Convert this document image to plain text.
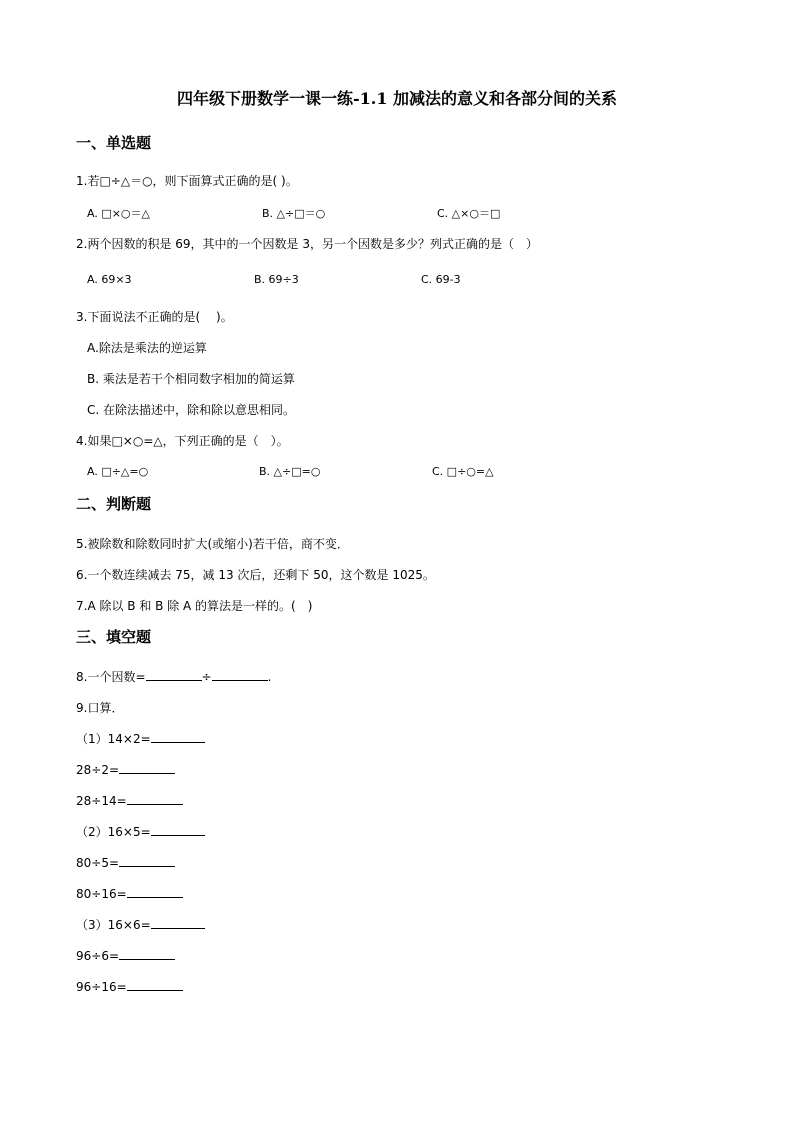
四年级下册数学一课一练-1.1 加减法的意义和各部分间的关系
一、单选题
1.若□÷△＝○，则下面算式正确的是( )。
A. □×○＝△	B. △÷□＝○	C. △×○＝□
2.两个因数的积是 69，其中的一个因数是 3，另一个因数是多少？列式正确的是（　）
A. 69×3	B. 69÷3	C. 69-3
3.下面说法不正确的是(　 )。
A.除法是乘法的逆运算
B. 乘法是若干个相同数字相加的简运算
C. 在除法描述中，除和除以意思相同。
4.如果□×○=△，下列正确的是（　）。
A. □÷△=○	B. △÷□=○	C. □÷○=△
二、判断题
5.被除数和除数同时扩大(或缩小)若干倍，商不变．
6.一个数连续减去 75，减 13 次后，还剩下 50，这个数是 1025。
7.A 除以 B 和 B 除 A 的算法是一样的。(　)
三、填空题
8.一个因数=	÷	.
9.口算．
（1）14×2=
28÷2=
28÷14=
（2）16×5=
80÷5=
80÷16=
（3）16×6=
96÷6=
96÷16=
